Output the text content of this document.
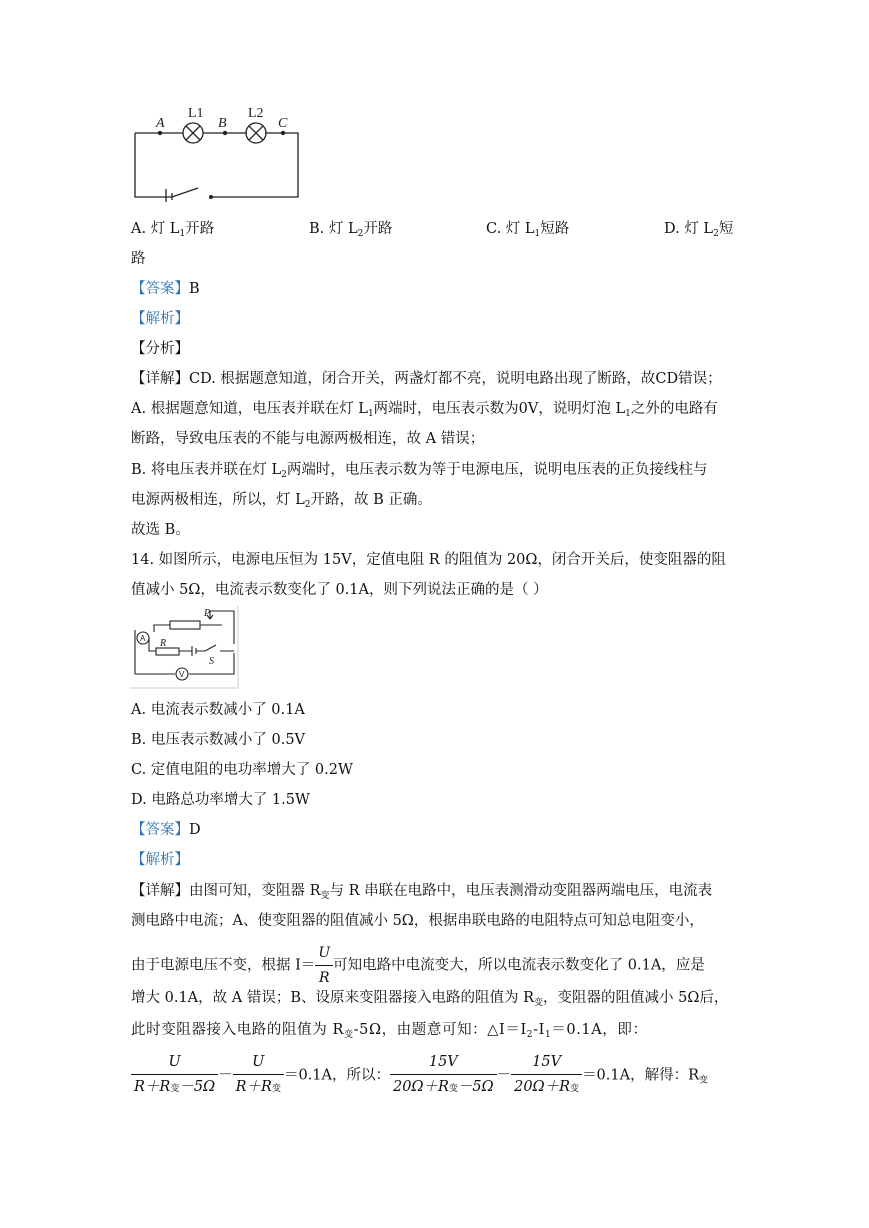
A	B	C
L1	L2
A. 灯 $L_1$开路	B. 灯 $L_2$开路	C. 灯 $L_1$短路	D. 灯 $L_2$短
路
【答案】B
【解析】
【分析】
【详解】CD. 根据题意知道，闭合开关，两盏灯都不亮，说明电路出现了断路，故CD错误；
A. 根据题意知道，电压表并联在灯 $L_1$两端时，电压表示数为0V，说明灯泡 $L_1$之外的电路有
断路，导致电压表的不能与电源两极相连，故 A 错误；
B. 将电压表并联在灯 $L_2$两端时，电压表示数为等于电源电压，说明电压表的正负接线柱与
电源两极相连，所以，灯 $L_2$开路，故 B 正确。
故选 B。
14. 如图所示，电源电压恒为 15V，定值电阻 R 的阻值为 20Ω，闭合开关后，使变阻器的阻
值减小 5Ω，电流表示数变化了 0.1A，则下列说法正确的是（ ）
P
R
S
A
V
A. 电流表示数减小了 0.1A
B. 电压表示数减小了 0.5V
C. 定值电阻的电功率增大了 0.2W
D. 电路总功率增大了 1.5W
【答案】D
【解析】
【详解】由图可知，变阻器 $R_变$与 R 串联在电路中，电压表测滑动变阻器两端电压，电流表
测电路中电流；A、使变阻器的阻值减小 5Ω，根据串联电路的电阻特点可知总电阻变小，
由于电源电压不变，根据 $I= \frac{U}{R}$ 可知电路中电流变大，所以电流表示数变化了 0.1A，应是
增大 0.1A，故 A 错误；B、设原来变阻器接入电路的阻值为 $R_变$，变阻器的阻值减小 5Ω后，
此时变阻器接入电路的阻值为 $R_变-5\Omega$，由题意可知：$\triangle I=I_2-I_1=0.1A$，即：
$\frac{U}{\text{R＋R变－5Ω}} - \frac{U}{\text{R＋R变}} =0.1A$，所以： $\frac{15V}{\text{20Ω＋R变－5Ω}} - \frac{15V}{\text{20Ω＋R变}} =0.1A$，解得：$R_变$
